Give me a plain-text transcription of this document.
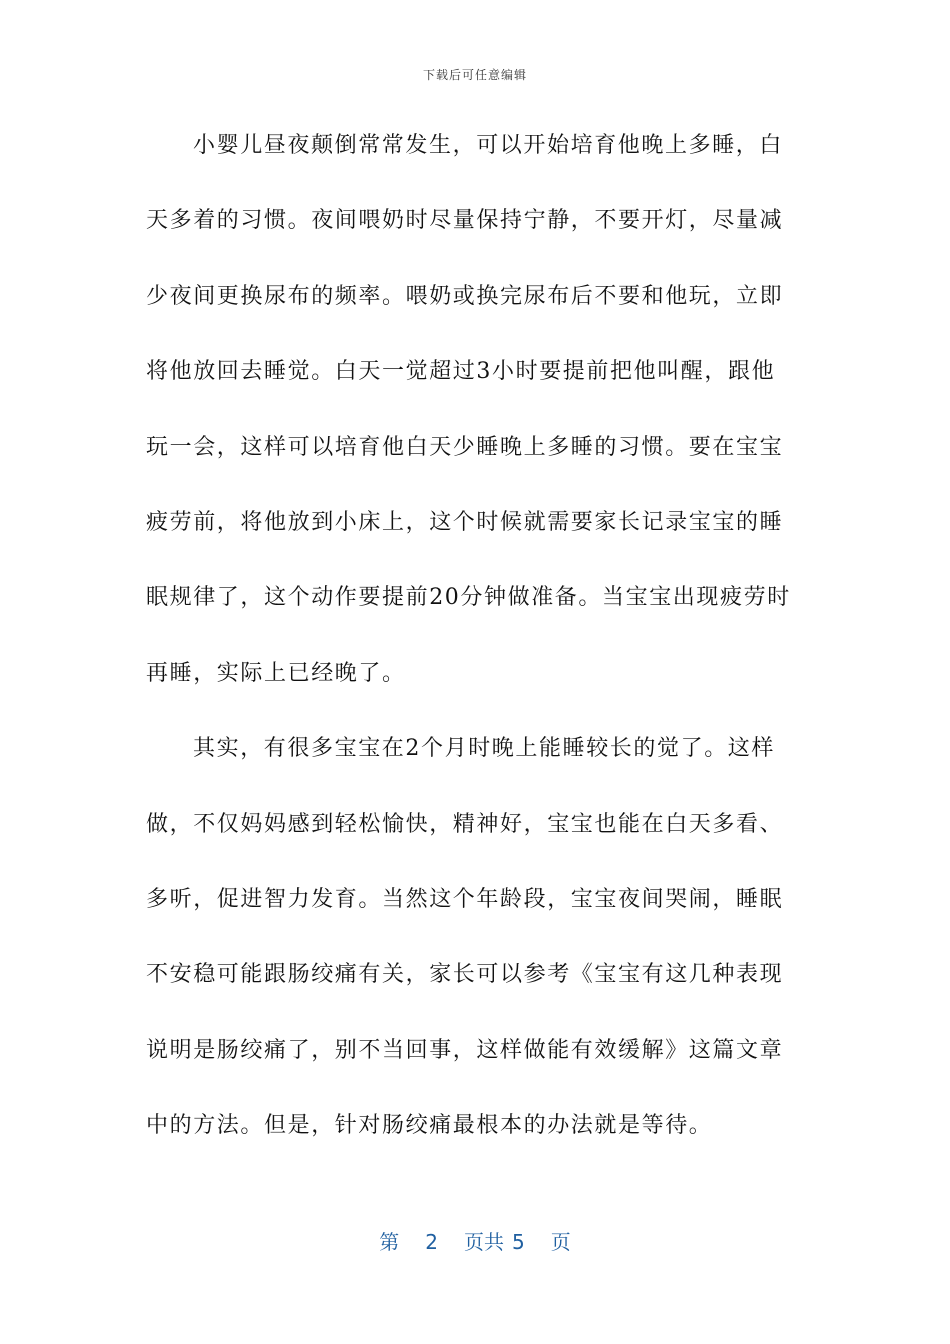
下载后可任意编辑
小婴儿昼夜颠倒常常发生，可以开始培育他晚上多睡，白
天多着的习惯。夜间喂奶时尽量保持宁静，不要开灯，尽量减
少夜间更换尿布的频率。喂奶或换完尿布后不要和他玩，立即
将他放回去睡觉。白天一觉超过3小时要提前把他叫醒，跟他
玩一会，这样可以培育他白天少睡晚上多睡的习惯。要在宝宝
疲劳前，将他放到小床上，这个时候就需要家长记录宝宝的睡
眠规律了，这个动作要提前20分钟做准备。当宝宝出现疲劳时
再睡，实际上已经晚了。
其实，有很多宝宝在2个月时晚上能睡较长的觉了。这样
做，不仅妈妈感到轻松愉快，精神好，宝宝也能在白天多看、
多听，促进智力发育。当然这个年龄段，宝宝夜间哭闹，睡眠
不安稳可能跟肠绞痛有关，家长可以参考《宝宝有这几种表现
说明是肠绞痛了，别不当回事，这样做能有效缓解》这篇文章
中的方法。但是，针对肠绞痛最根本的办法就是等待。
第 2 页共 5 页
